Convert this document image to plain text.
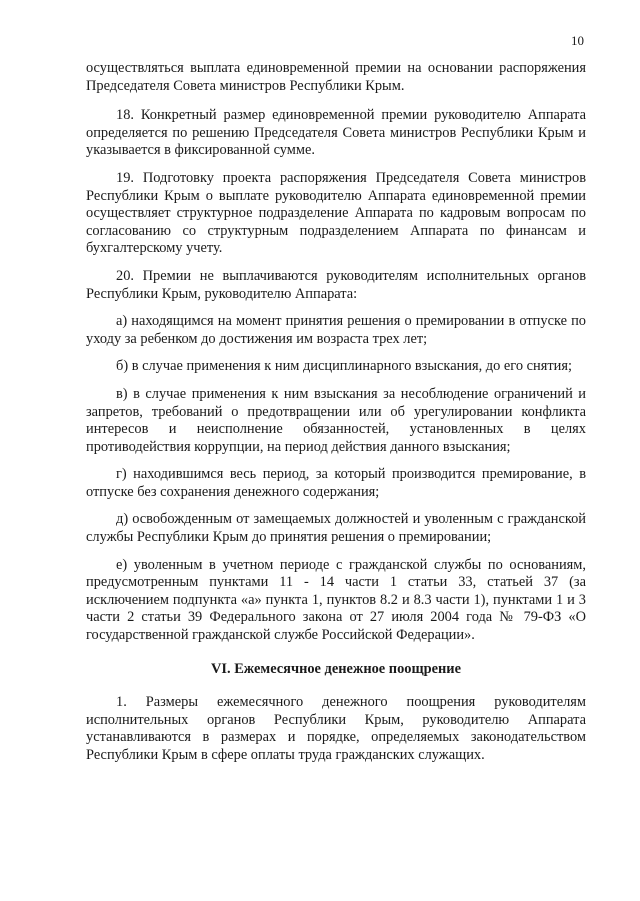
10

осуществляться выплата единовременной премии на основании распоряжения Председателя Совета министров Республики Крым.

18. Конкретный размер единовременной премии руководителю Аппарата определяется по решению Председателя Совета министров Республики Крым и указывается в фиксированной сумме.

19. Подготовку проекта распоряжения Председателя Совета министров Республики Крым о выплате руководителю Аппарата единовременной премии осуществляет структурное подразделение Аппарата по кадровым вопросам по согласованию со структурным подразделением Аппарата по финансам и бухгалтерскому учету.

20. Премии не выплачиваются руководителям исполнительных органов Республики Крым, руководителю Аппарата:

а) находящимся на момент принятия решения о премировании в отпуске по уходу за ребенком до достижения им возраста трех лет;

б) в случае применения к ним дисциплинарного взыскания, до его снятия;

в) в случае применения к ним взыскания за несоблюдение ограничений и запретов, требований о предотвращении или об урегулировании конфликта интересов и неисполнение обязанностей, установленных в целях противодействия коррупции, на период действия данного взыскания;

г) находившимся весь период, за который производится премирование, в отпуске без сохранения денежного содержания;

д) освобожденным от замещаемых должностей и уволенным с гражданской службы Республики Крым до принятия решения о премировании;

е) уволенным в учетном периоде с гражданской службы по основаниям, предусмотренным пунктами 11 - 14 части 1 статьи 33, статьей 37 (за исключением подпункта «а» пункта 1, пунктов 8.2 и 8.3 части 1), пунктами 1 и 3 части 2 статьи 39 Федерального закона от 27 июля 2004 года № 79-ФЗ «О государственной гражданской службе Российской Федерации».

VI. Ежемесячное денежное поощрение

1. Размеры ежемесячного денежного поощрения руководителям исполнительных органов Республики Крым, руководителю Аппарата устанавливаются в размерах и порядке, определяемых законодательством Республики Крым в сфере оплаты труда гражданских служащих.
